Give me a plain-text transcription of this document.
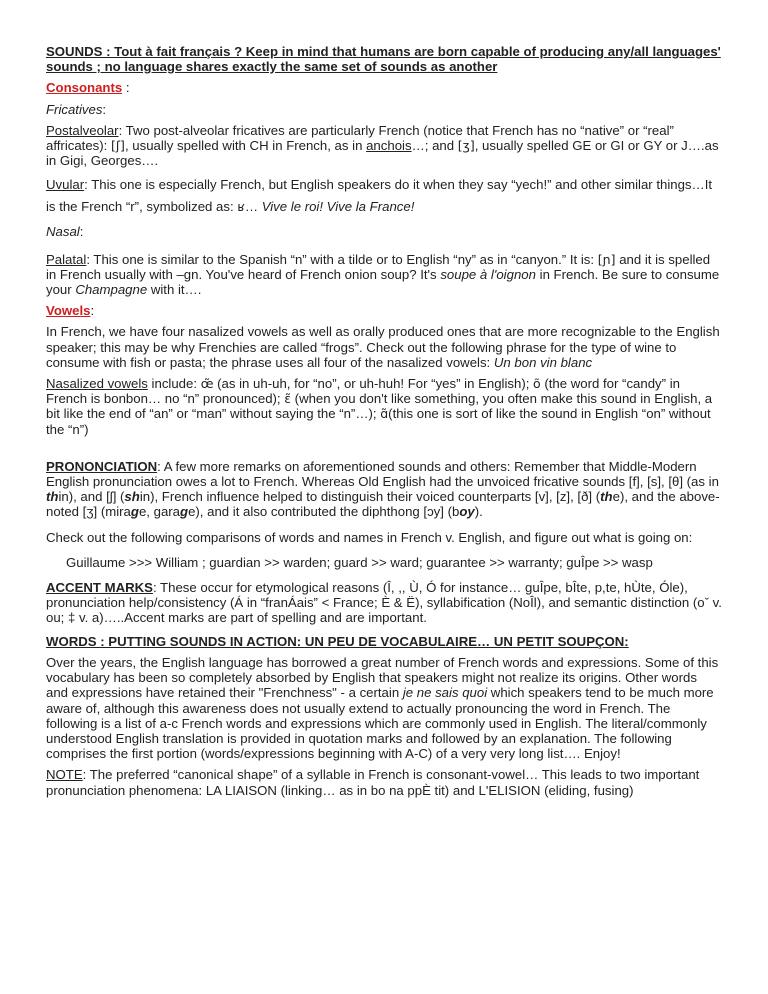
SOUNDS : Tout à fait français ? Keep in mind that humans are born capable of producing any/all languages' sounds ; no language shares exactly the same set of sounds as another

Consonants :

Fricatives:

Postalveolar: Two post-alveolar fricatives are particularly French (notice that French has no “native” or “real” affricates): [ʃ], usually spelled with CH in French, as in anchois…; and [ʒ], usually spelled GE or GI or GY or J….as in Gigi, Georges….

Uvular: This one is especially French, but English speakers do it when they say “yech!” and other similar things…It is the French “r”, symbolized as: ʁ… Vive le roi! Vive la France!

Nasal:

Palatal: This one is similar to the Spanish “n” with a tilde or to English “ny” as in “canyon.” It is: [ɲ] and it is spelled in French usually with –gn. You've heard of French onion soup? It's soupe à l'oignon in French. Be sure to consume your Champagne with it….

Vowels:

In French, we have four nasalized vowels as well as orally produced ones that are more recognizable to the English speaker; this may be why Frenchies are called “frogs”. Check out the following phrase for the type of wine to consume with fish or pasta; the phrase uses all four of the nasalized vowels: Un bon vin blanc

Nasalized vowels include: œ̃ (as in uh-uh, for “no”, or uh-huh! For “yes” in English); õ (the word for “candy” in French is bonbon… no “n” pronounced); ɛ̃ (when you don't like something, you often make this sound in English, a bit like the end of “an” or “man” without saying the “n”…); ɑ̃(this one is sort of like the sound in English “on” without the “n”)

PRONONCIATION: A few more remarks on aforementioned sounds and others: Remember that Middle-Modern English pronunciation owes a lot to French. Whereas Old English had the unvoiced fricative sounds [f], [s], [θ] (as in thin), and [ʃ] (shin), French influence helped to distinguish their voiced counterparts [v], [z], [ð] (the), and the above-noted [ʒ] (mirage, garage), and it also contributed the diphthong [ɔy] (boy).

Check out the following comparisons of words and names in French v. English, and figure out what is going on:

Guillaume >>> William ; guardian >> warden; guard >> ward; guarantee >> warranty; guÎpe >> wasp

ACCENT MARKS: These occur for etymological reasons (Î, ,, Ù, Ó for instance… guÎpe, bÎte, p,te, hÙte, Óle), pronunciation help/consistency (Á in “franÁais” < France; È & Ë), syllabification (NoÎl), and semantic distinction (oˇ v. ou; ‡ v. a)…..Accent marks are part of spelling and are important.

WORDS : PUTTING SOUNDS IN ACTION: UN PEU DE VOCABULAIRE… UN PETIT SOUPÇON:

Over the years, the English language has borrowed a great number of French words and expressions. Some of this vocabulary has been so completely absorbed by English that speakers might not realize its origins. Other words and expressions have retained their "Frenchness" - a certain je ne sais quoi which speakers tend to be much more aware of, although this awareness does not usually extend to actually pronouncing the word in French. The following is a list of a-c French words and expressions which are commonly used in English. The literal/commonly understood English translation is provided in quotation marks and followed by an explanation. The following comprises the first portion (words/expressions beginning with A-C) of a very very long list…. Enjoy!

NOTE: The preferred “canonical shape” of a syllable in French is consonant-vowel… This leads to two important pronunciation phenomena: LA LIAISON (linking… as in bo na ppÈ tit) and L'ELISION (eliding, fusing)
